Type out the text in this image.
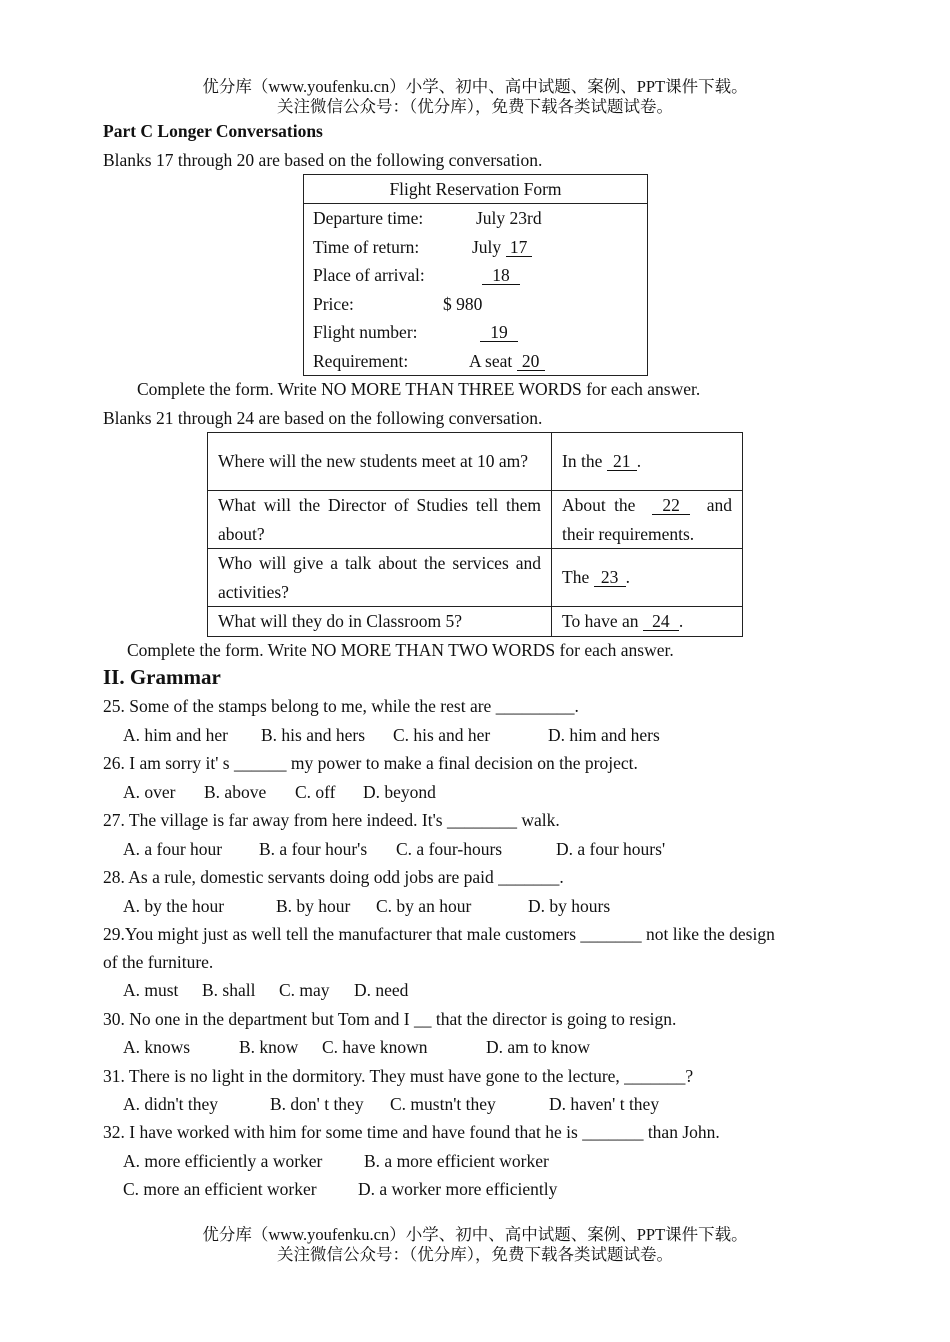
优分库（www.youfenku.cn）小学、初中、高中试题、案例、PPT课件下载。
关注微信公众号：（优分库），免费下载各类试题试卷。
Part C Longer Conversations
Blanks 17 through 20 are based on the following conversation.
Flight Reservation Form
Departure time:	July 23rd
Time of return:	July 17
Place of arrival:	18
Price:	$ 980
Flight number:	19
Requirement:	A seat 20
Complete the form. Write NO MORE THAN THREE WORDS for each answer.
Blanks 21 through 24 are based on the following conversation.
Where will the new students meet at 10 am?	In the 21 .
What will the Director of Studies tell them about?	About the 22 and their requirements.
Who will give a talk about the services and activities?	The 23 .
What will they do in Classroom 5?	To have an 24 .
Complete the form. Write NO MORE THAN TWO WORDS for each answer.
II. Grammar
25. Some of the stamps belong to me, while the rest are _________.
A. him and her B. his and hers C. his and her	D. him and hers
26. I am sorry it' s ______ my power to make a final decision on the project.
A. over B. above C. off D. beyond
27. The village is far away from here indeed. It's ________ walk.
A. a four hour B. a four hour's C. a four-hours	D. a four hours'
28. As a rule, domestic servants doing odd jobs are paid _______.
A. by the hour	B. by hour C. by an hour	D. by hours
29.You might just as well tell the manufacturer that male customers _______ not like the design
of the furniture.
A. must B. shall C. may D. need
30. No one in the department but Tom and I __ that the director is going to resign.
A. knows	B. know C. have known	D. am to know
31. There is no light in the dormitory. They must have gone to the lecture, _______?
A. didn't they	B. don' t they C. mustn't they	D. haven' t they
32. I have worked with him for some time and have found that he is _______ than John.
A. more efficiently a worker B. a more efficient worker
C. more an efficient worker D. a worker more efficiently
优分库（www.youfenku.cn）小学、初中、高中试题、案例、PPT课件下载。
关注微信公众号：（优分库），免费下载各类试题试卷。
